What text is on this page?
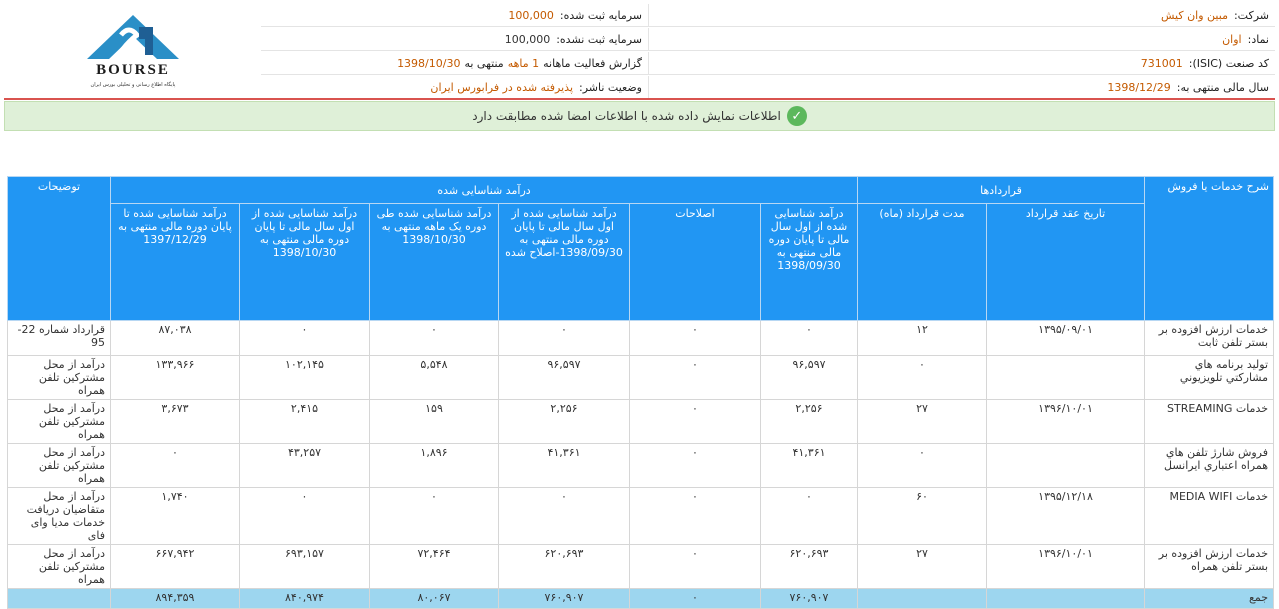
شرکت:
مبین وان کیش
نماد:
اوان
کد صنعت (ISIC):
731001
سال مالی منتهی به:
1398/12/29
سرمایه ثبت شده:
100,000
سرمایه ثبت نشده:
100,000
گزارش فعالیت ماهانه
1 ماهه
منتهی به
1398/10/30
وضعیت ناشر:
پذیرفته شده در فرابورس ایران
BOURSE
پایگاه اطلاع رسانی و تحلیلی بورس ایران
✓
اطلاعات نمایش داده شده با اطلاعات امضا شده مطابقت دارد
شرح خدمات یا فروش	قراردادها		درآمد شناسایی شده						توضیحات
	تاریخ عقد قرارداد	مدت قرارداد (ماه)	درآمد شناسایی شده از اول سال مالی تا پایان دوره مالی منتهی به 1398/09/30	اصلاحات	درآمد شناسایی شده از اول سال مالی تا پایان دوره مالی منتهی به 1398/09/30-اصلاح شده	درآمد شناسایی شده طی دوره یک ماهه منتهی به 1398/10/30	درآمد شناسایی شده از اول سال مالی تا پایان دوره مالی منتهی به 1398/10/30	درآمد شناسایی شده تا پایان دوره مالی منتهی به 1397/12/29	
خدمات ارزش افزوده بر بستر تلفن ثابت	۱۳۹۵/۰۹/۰۱	۱۲	۰	۰	۰	۰	۰	۸۷,۰۳۸	قرارداد شماره 22-95
تولید برنامه هاي مشارکتي تلویزیوني		۰	۹۶,۵۹۷	۰	۹۶,۵۹۷	۵,۵۴۸	۱۰۲,۱۴۵	۱۳۳,۹۶۶	درآمد از محل مشترکین تلفن همراه
خدمات STREAMING	۱۳۹۶/۱۰/۰۱	۲۷	۲,۲۵۶	۰	۲,۲۵۶	۱۵۹	۲,۴۱۵	۳,۶۷۳	درآمد از محل مشترکین تلفن همراه
فروش شارژ تلفن هاي همراه اعتباري ایرانسل		۰	۴۱,۳۶۱	۰	۴۱,۳۶۱	۱,۸۹۶	۴۳,۲۵۷	۰	درآمد از محل مشترکین تلفن همراه
خدمات MEDIA WIFI	۱۳۹۵/۱۲/۱۸	۶۰	۰	۰	۰	۰	۰	۱,۷۴۰	درآمد از محل متقاضیان دریافت خدمات مدیا وای فای
خدمات ارزش افزوده بر بستر تلفن همراه	۱۳۹۶/۱۰/۰۱	۲۷	۶۲۰,۶۹۳	۰	۶۲۰,۶۹۳	۷۲,۴۶۴	۶۹۳,۱۵۷	۶۶۷,۹۴۲	درآمد از محل مشترکین تلفن همراه
جمع			۷۶۰,۹۰۷	۰	۷۶۰,۹۰۷	۸۰,۰۶۷	۸۴۰,۹۷۴	۸۹۴,۳۵۹	
